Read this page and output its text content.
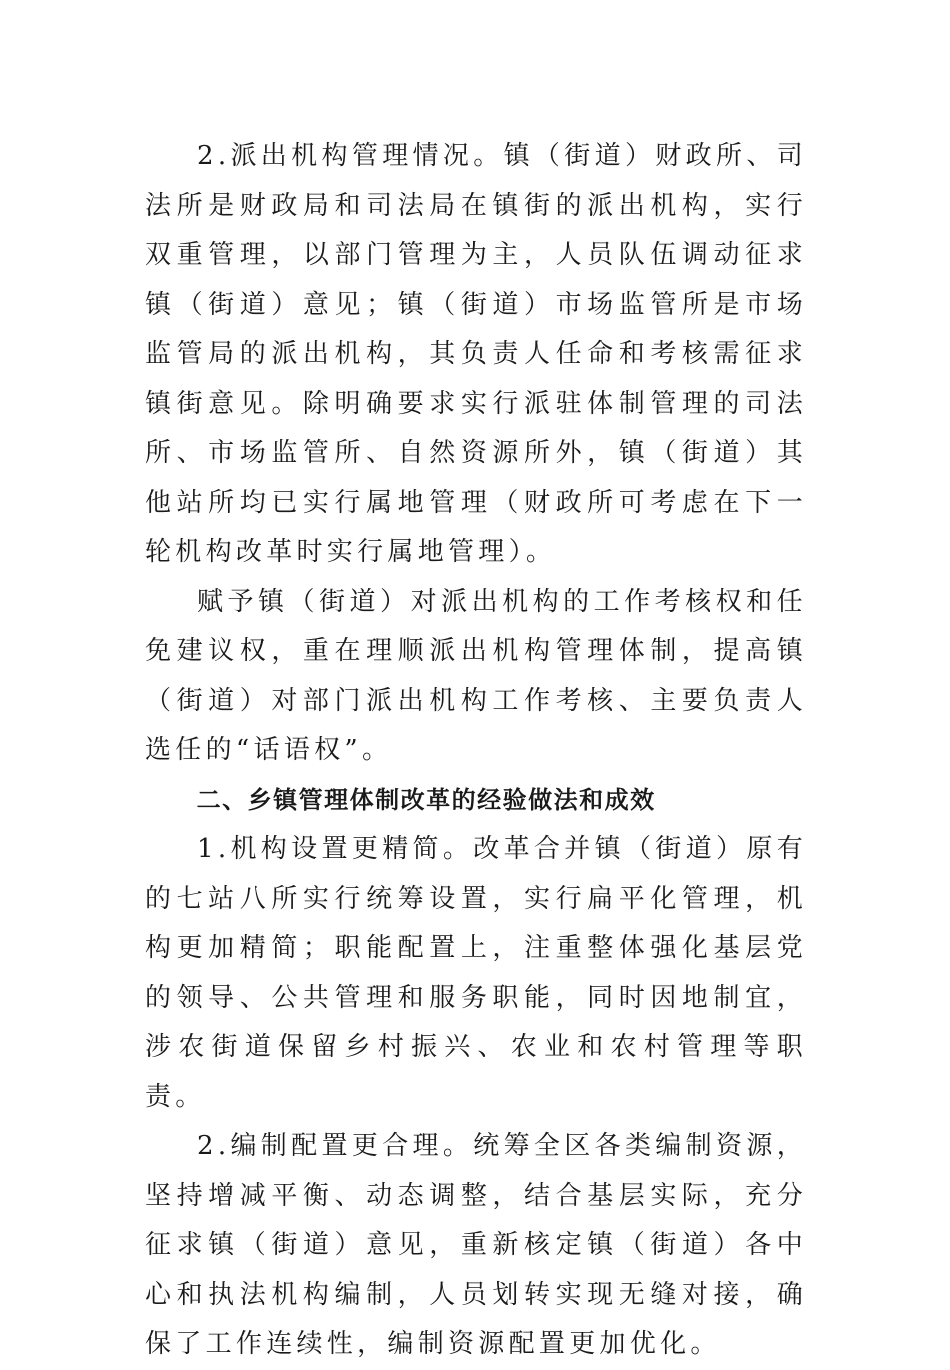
2.派出机构管理情况。镇（街道）财政所、司法所是财政局和司法局在镇街的派出机构，实行双重管理，以部门管理为主，人员队伍调动征求镇（街道）意见；镇（街道）市场监管所是市场监管局的派出机构，其负责人任命和考核需征求镇街意见。除明确要求实行派驻体制管理的司法所、市场监管所、自然资源所外，镇（街道）其他站所均已实行属地管理（财政所可考虑在下一轮机构改革时实行属地管理）。

赋予镇（街道）对派出机构的工作考核权和任免建议权，重在理顺派出机构管理体制，提高镇（街道）对部门派出机构工作考核、主要负责人选任的“话语权”。

二、乡镇管理体制改革的经验做法和成效

1.机构设置更精简。改革合并镇（街道）原有的七站八所实行统筹设置，实行扁平化管理，机构更加精简；职能配置上，注重整体强化基层党的领导、公共管理和服务职能，同时因地制宜，涉农街道保留乡村振兴、农业和农村管理等职责。

2.编制配置更合理。统筹全区各类编制资源，坚持增减平衡、动态调整，结合基层实际，充分征求镇（街道）意见，重新核定镇（街道）各中心和执法机构编制，人员划转实现无缝对接，确保了工作连续性，编制资源配置更加优化。
